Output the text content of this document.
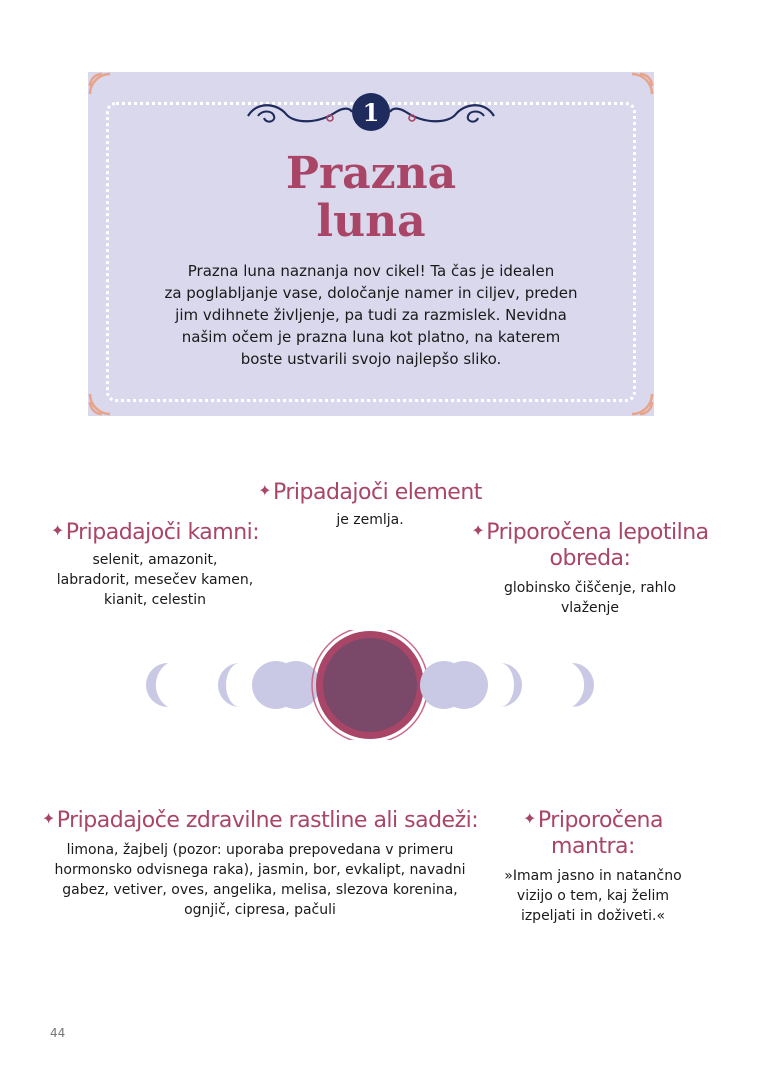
1
Prazna
luna
Prazna luna naznanja nov cikel! Ta čas je idealen
za poglabljanje vase, določanje namer in ciljev, preden
jim vdihnete življenje, pa tudi za razmislek. Nevidna
našim očem je prazna luna kot platno, na katerem
boste ustvarili svojo najlepšo sliko.
✦Pripadajoči element
je zemlja.
✦Pripadajoči kamni:
selenit, amazonit,
labradorit, mesečev kamen,
kianit, celestin
✦Priporočena lepotilna
obreda:
globinsko čiščenje, rahlo
vlaženje
✦Pripadajoče zdravilne rastline ali sadeži:
limona, žajbelj (pozor: uporaba prepovedana v primeru
hormonsko odvisnega raka), jasmin, bor, evkalipt, navadni
gabez, vetiver, oves, angelika, melisa, slezova korenina,
ognjič, cipresa, pačuli
✦Priporočena mantra:
»Imam jasno in natančno
vizijo o tem, kaj želim
izpeljati in doživeti.«
44
